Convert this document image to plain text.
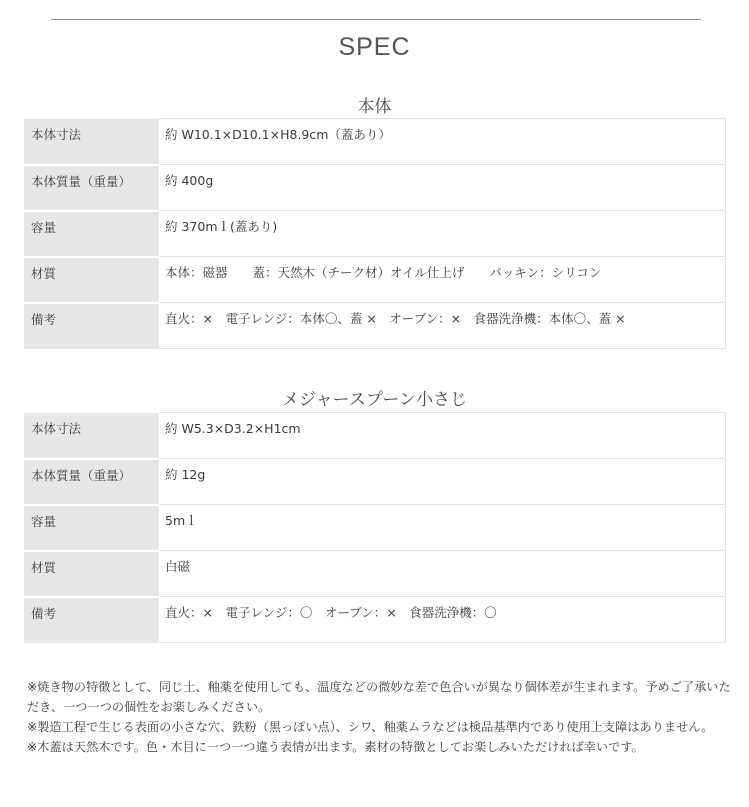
SPEC
本体
本体寸法	約 W10.1×D10.1×H8.9cm（蓋あり）
本体質量（重量）	約 400g
容量	約 370mｌ(蓋あり)
材質	本体：磁器　　蓋：天然木（チーク材）オイル仕上げ　　パッキン：シリコン
備考	直火：×　電子レンジ：本体〇、蓋 ×　オーブン：×　食器洗浄機：本体〇、蓋 ×
メジャースプーン小さじ
本体寸法	約 W5.3×D3.2×H1cm
本体質量（重量）	約 12g
容量	5mｌ
材質	白磁
備考	直火：×　電子レンジ：〇　オーブン：×　食器洗浄機：〇

※焼き物の特徴として、同じ土、釉薬を使用しても、温度などの微妙な差で色合いが異なり個体差が生まれます。予めご了承いただき、一つ一つの個性をお楽しみください。

※製造工程で生じる表面の小さな穴、鉄粉（黒っぽい点）、シワ、釉薬ムラなどは検品基準内であり使用上支障はありません。

※木蓋は天然木です。色・木目に一つ一つ違う表情が出ます。素材の特徴としてお楽しみいただければ幸いです。
